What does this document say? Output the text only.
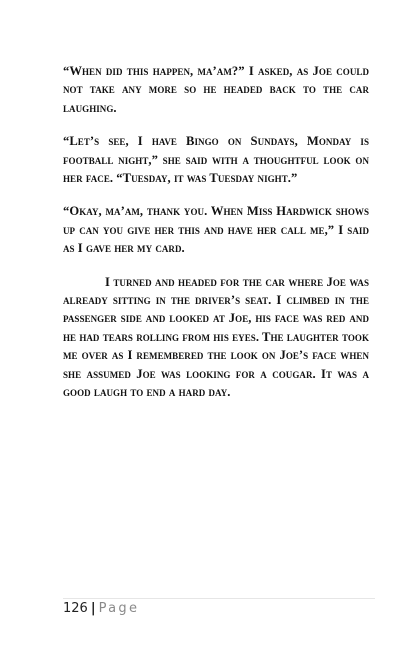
“When did this happen, ma’am?” I asked, as Joe could not take any more so he headed back to the car laughing.

“Let’s see, I have Bingo on Sundays, Monday is football night,” she said with a thoughtful look on her face. “Tuesday, it was Tuesday night.”

“Okay, ma’am, thank you. When Miss Hardwick shows up can you give her this and have her call me,” I said as I gave her my card.

I turned and headed for the car where Joe was already sitting in the driver’s seat. I climbed in the passenger side and looked at Joe, his face was red and he had tears rolling from his eyes. The laughter took me over as I remembered the look on Joe’s face when she assumed Joe was looking for a cougar. It was a good laugh to end a hard day.

126 | Page
